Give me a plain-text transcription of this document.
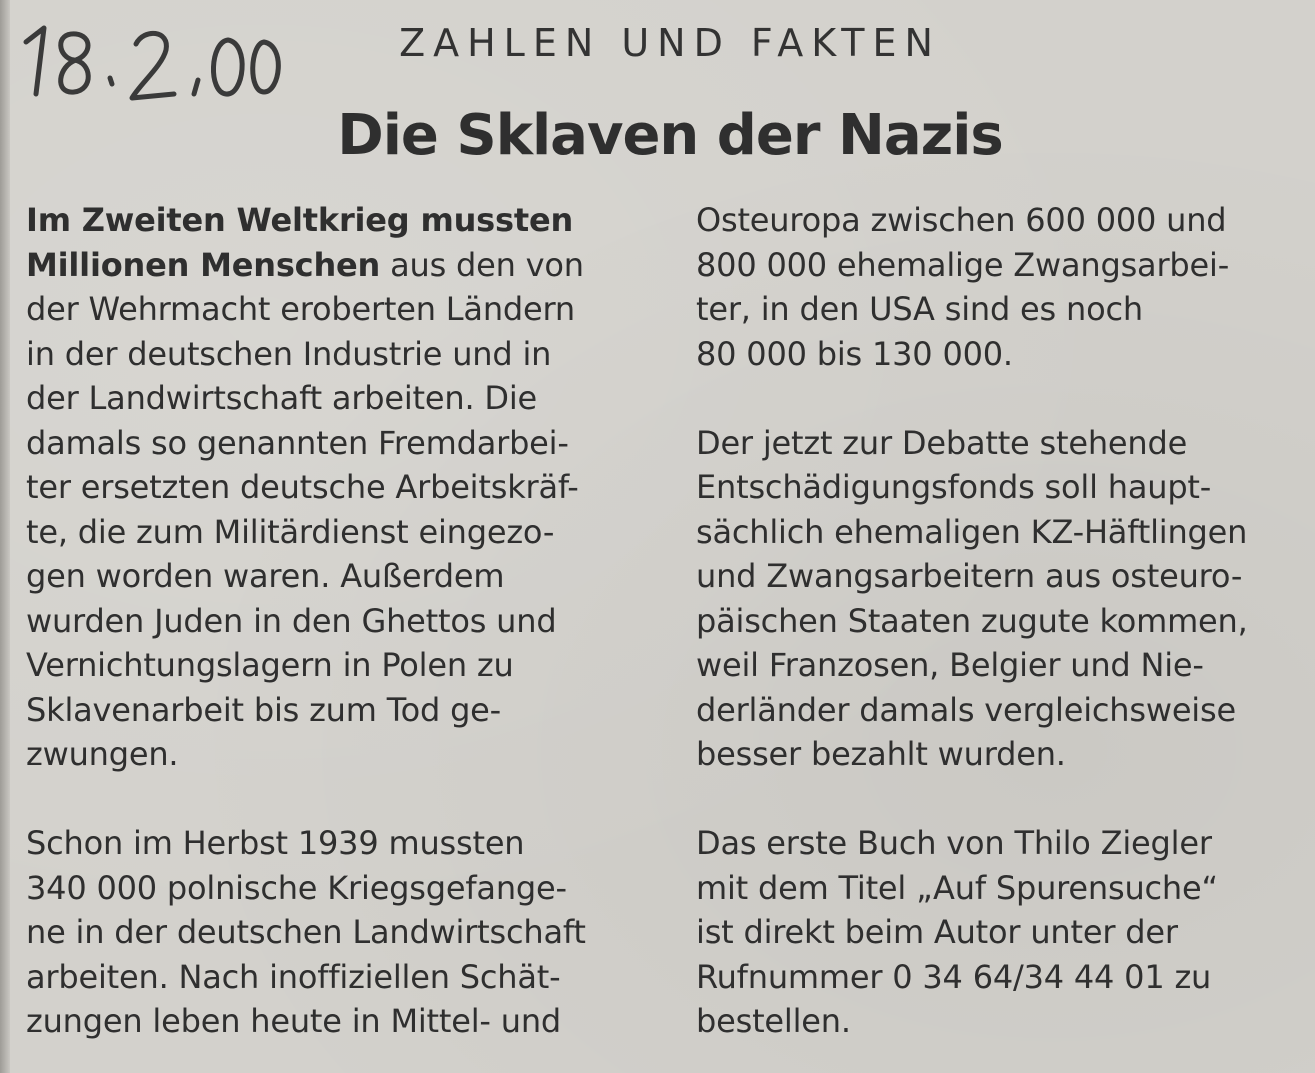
ZAHLEN UND FAKTEN
Die Sklaven der Nazis
Im Zweiten Weltkrieg mussten
Millionen Menschen aus den von
der Wehrmacht eroberten Ländern
in der deutschen Industrie und in
der Landwirtschaft arbeiten. Die
damals so genannten Fremdarbei-
ter ersetzten deutsche Arbeitskräf-
te, die zum Militärdienst eingezo-
gen worden waren. Außerdem
wurden Juden in den Ghettos und
Vernichtungslagern in Polen zu
Sklavenarbeit bis zum Tod ge-
zwungen.
Schon im Herbst 1939 mussten
340 000 polnische Kriegsgefange-
ne in der deutschen Landwirtschaft
arbeiten. Nach inoffiziellen Schät-
zungen leben heute in Mittel- und
Osteuropa zwischen 600 000 und
800 000 ehemalige Zwangsarbei-
ter, in den USA sind es noch
80 000 bis 130 000.
Der jetzt zur Debatte stehende
Entschädigungsfonds soll haupt-
sächlich ehemaligen KZ-Häftlingen
und Zwangsarbeitern aus osteuro-
päischen Staaten zugute kommen,
weil Franzosen, Belgier und Nie-
derländer damals vergleichsweise
besser bezahlt wurden.
Das erste Buch von Thilo Ziegler
mit dem Titel „Auf Spurensuche“
ist direkt beim Autor unter der
Rufnummer 0 34 64/34 44 01 zu
bestellen.
